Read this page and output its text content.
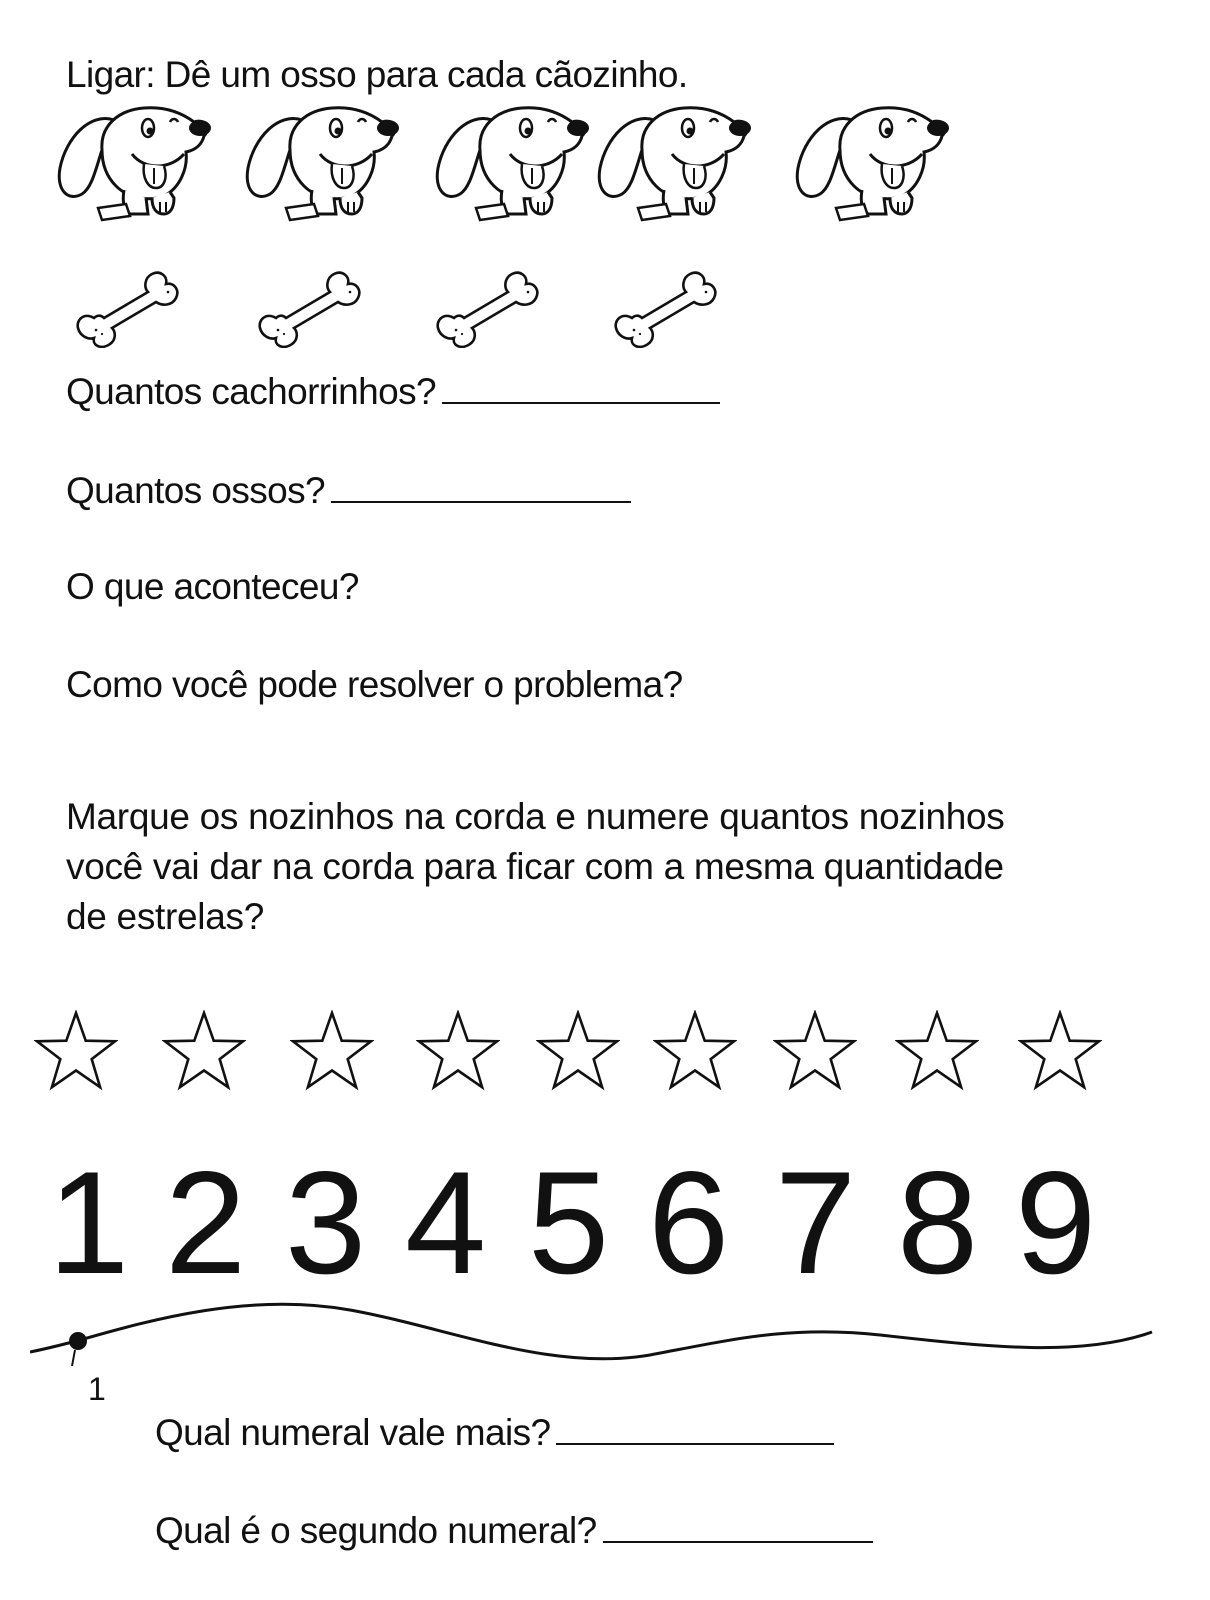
Ligar: Dê um osso para cada cãozinho.
Quantos cachorrinhos?
Quantos ossos?
O que aconteceu?
Como você pode resolver o problema?
Marque os nozinhos na corda e numere quantos nozinhos
você vai dar na corda para ficar com a mesma quantidade
de estrelas?
1 2 3 4 5 6 7 8 9
1
Qual numeral vale mais?
Qual é o segundo numeral?
